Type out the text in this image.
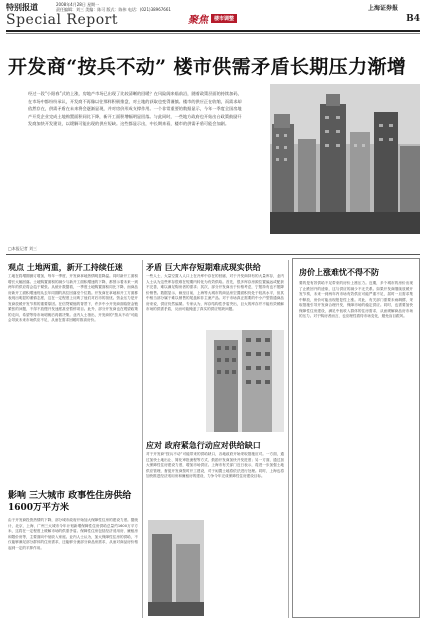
特别报道	2008年4月28日 星期一
责任编辑：刘三 美编：陈可 版式：陈伟 电话：(021)38967661
Special Report	聚焦	楼市调整
上海证券报
B4
开发商“按兵不动” 楼市供需矛盾长期压力渐增
经过一段“小阳春”式的上涨，房地产市场已出现了比较清晰的回暖？在风险阁来临前沿，随着政策层面的持续加码，在市场中都纷纷承认，开发商不再像以往那样积极推盘，对土地的获取也变得谨慎。楼市的供应正在收缩，而需求却依然存在，供需矛盾在未来将会逐渐显现，并对房价形成支撑作用。一个非常重要的数据显示，今年一季度全国房地产开发企业完成土地购置面积同比下降，新开工面积增幅明显回落。与此同时，一些地方政府也开始出台政策鼓励开发商加快开发建设，以缓解可能出现的供应短缺。这些都显示出，中长期来看，楼市的供需矛盾可能会加剧。
□本报记者 刘三
观点 土地两重，新开工持续任迷
工地在将增期测订增加，每年一季度，开发商拿地热情明显降温。同时新开工面积增长大幅回落。土地购置面积的减少与新开工面积增速的下降，都预示着未来一到两年的供应将会趋于紧张。从统计数据看，一季度土地购置面积同比下降，而商品房新开工面积增速则从去年同期的高位回落至个位数。开发商在拿地和开工方面都表现出明显的谨慎态度，这在一定程度上反映了他们对后市的担忧。资金压力是开发商放缓开发节奏的重要原因。在信贷紧缩的背景下，许多中小开发商面临资金链紧张的问题，不得不放慢开发速度甚至暂停项目。此外，部分开发商也在观望政策的走向，希望等待市场明朗后再做决策。业内人士指出，开发商的“按兵不动”可能会导致未来市场供应不足，从而在需求回暖时推高房价。
影响 三大城市 政事性住房供给1600万平方米
由于开发商投资热情的下降，部分城市政府开始加大保障性住房的建设力度。据统计，北京、上海、广州三大城市今年计划新增保障性住房供给总量约1600万平方米，这将在一定程度上缓解市场的供需矛盾。保障性住房包括经济适用房、廉租房和限价房等，主要面向中低收入家庭。业内人士认为，加大保障性住房的供给，不仅能够满足部分群体的住房需求，还能够分流部分商品房需求，从而对商品房价格起到一定的平抑作用。
矛盾 巨大库存短期难成现实供给
一些人士，大量空置入人口上在冷库中存在的回廊，对于开发商持有的大量库存，业内人士认为这些库存很难在短期内转化为有效供给。首先，很多库存房源位置偏远或配套不完善，难以满足购房者的需求；其次，部分开发商出于价格考虑，宁愿持有也不愿降价销售。数据显示，截至目前，上海等大城市的商品房空置面积仍处于较高水平，但其中相当部分属于难以销售的尾盘和非主流产品。对于市场真正需要的中小户型普通商品房来说，供应仍然偏紧。专家认为，库存结构性矛盾突出，巨大的库存并不能有效缓解市场的供需矛盾，反而可能掩盖了真实的供应短缺问题。
应对 政府紧急行动应对供给缺口
对于开发商“按兵不动”可能带来的供给缺口，各地政府开始采取措施应对。一方面，通过加快土地出让、简化审批流程等方式，鼓励开发商加快开发进度；另一方面，通过加大保障性住房建设力度，增加市场供应。上海市有关部门近日表示，将进一步加强土地供应管理，督促开发商按时开工建设，对于闲置土地将依法进行处理。同时，上海也将加快推进经济适用房和廉租房的建设，力争今年完成保障性住房建设目标。
房价上涨难忧不得不防
要的是有效供给不足带来的房价上涨压力。近期，多个城市的房价出现了止跌回升的迹象，这与供应的减少不无关系。如果开发商继续放缓开发节奏，未来一到两年内市场有效供应可能严重不足，届时一旦需求集中释放，房价可能出现报复性上涨。对此，有关部门需要未雨绸缪，采取措施引导开发商合理开发，保障市场的稳定供应。同时，也需要加快保障性住房建设，满足中低收入群体的住房需求，从而缓解商品房市场的压力。对于购房者而言，也应理性看待市场变化，避免盲目跟风。
